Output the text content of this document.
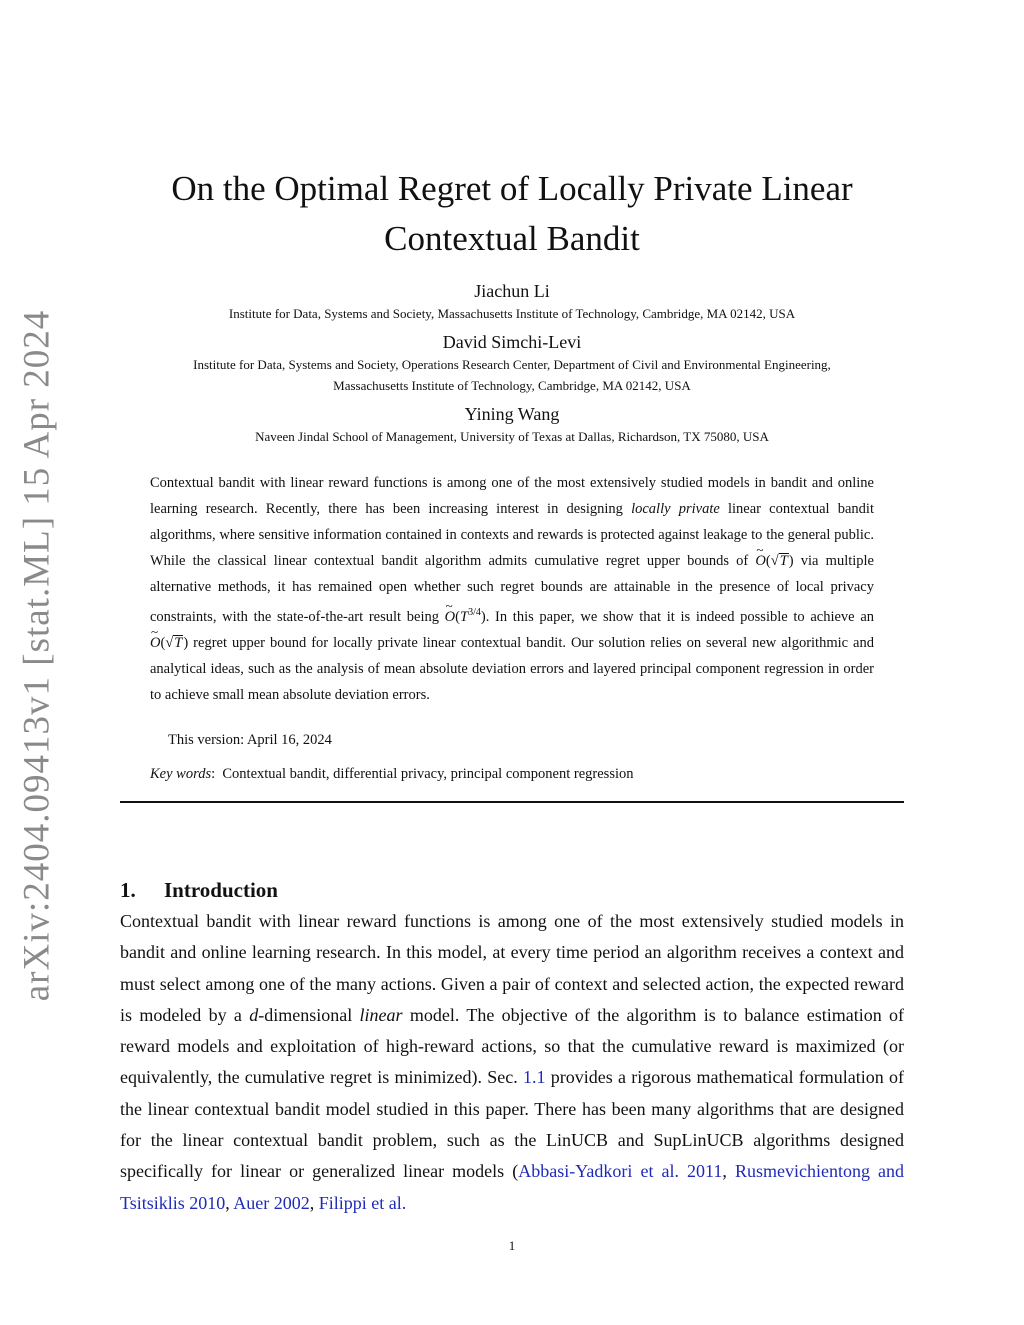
arXiv:2404.09413v1 [stat.ML] 15 Apr 2024
On the Optimal Regret of Locally Private Linear
Contextual Bandit
Jiachun Li
Institute for Data, Systems and Society, Massachusetts Institute of Technology, Cambridge, MA 02142, USA
David Simchi-Levi
Institute for Data, Systems and Society, Operations Research Center, Department of Civil and Environmental Engineering,
Massachusetts Institute of Technology, Cambridge, MA 02142, USA
Yining Wang
Naveen Jindal School of Management, University of Texas at Dallas, Richardson, TX 75080, USA

Contextual bandit with linear reward functions is among one of the most extensively studied models in bandit and online learning research. Recently, there has been increasing interest in designing locally private linear contextual bandit algorithms, where sensitive information contained in contexts and rewards is protected against leakage to the general public. While the classical linear contextual bandit algorithm admits cumulative regret upper bounds of ~ O(√T) via multiple alternative methods, it has remained open whether such regret bounds are attainable in the presence of local privacy constraints, with the state-of-the-art result being ~ $O(T^{3/4})$. In this paper, we show that it is indeed possible to achieve an ~ O(√T) regret upper bound for locally private linear contextual bandit. Our solution relies on several new algorithmic and analytical ideas, such as the analysis of mean absolute deviation errors and layered principal component regression in order to achieve small mean absolute deviation errors.

This version: April 16, 2024
Key words:  Contextual bandit, differential privacy, principal component regression
1. Introduction

Contextual bandit with linear reward functions is among one of the most extensively studied models in bandit and online learning research. In this model, at every time period an algorithm receives a context and must select among one of the many actions. Given a pair of context and selected action, the expected reward is modeled by a d-dimensional linear model. The objective of the algorithm is to balance estimation of reward models and exploitation of high-reward actions, so that the cumulative reward is maximized (or equivalently, the cumulative regret is minimized). Sec. 1.1 provides a rigorous mathematical formulation of the linear contextual bandit model studied in this paper. There has been many algorithms that are designed for the linear contextual bandit problem, such as the LinUCB and SupLinUCB algorithms designed specifically for linear or generalized linear models (Abbasi-Yadkori et al. 2011, Rusmevichientong and Tsitsiklis 2010, Auer 2002, Filippi et al.

1
